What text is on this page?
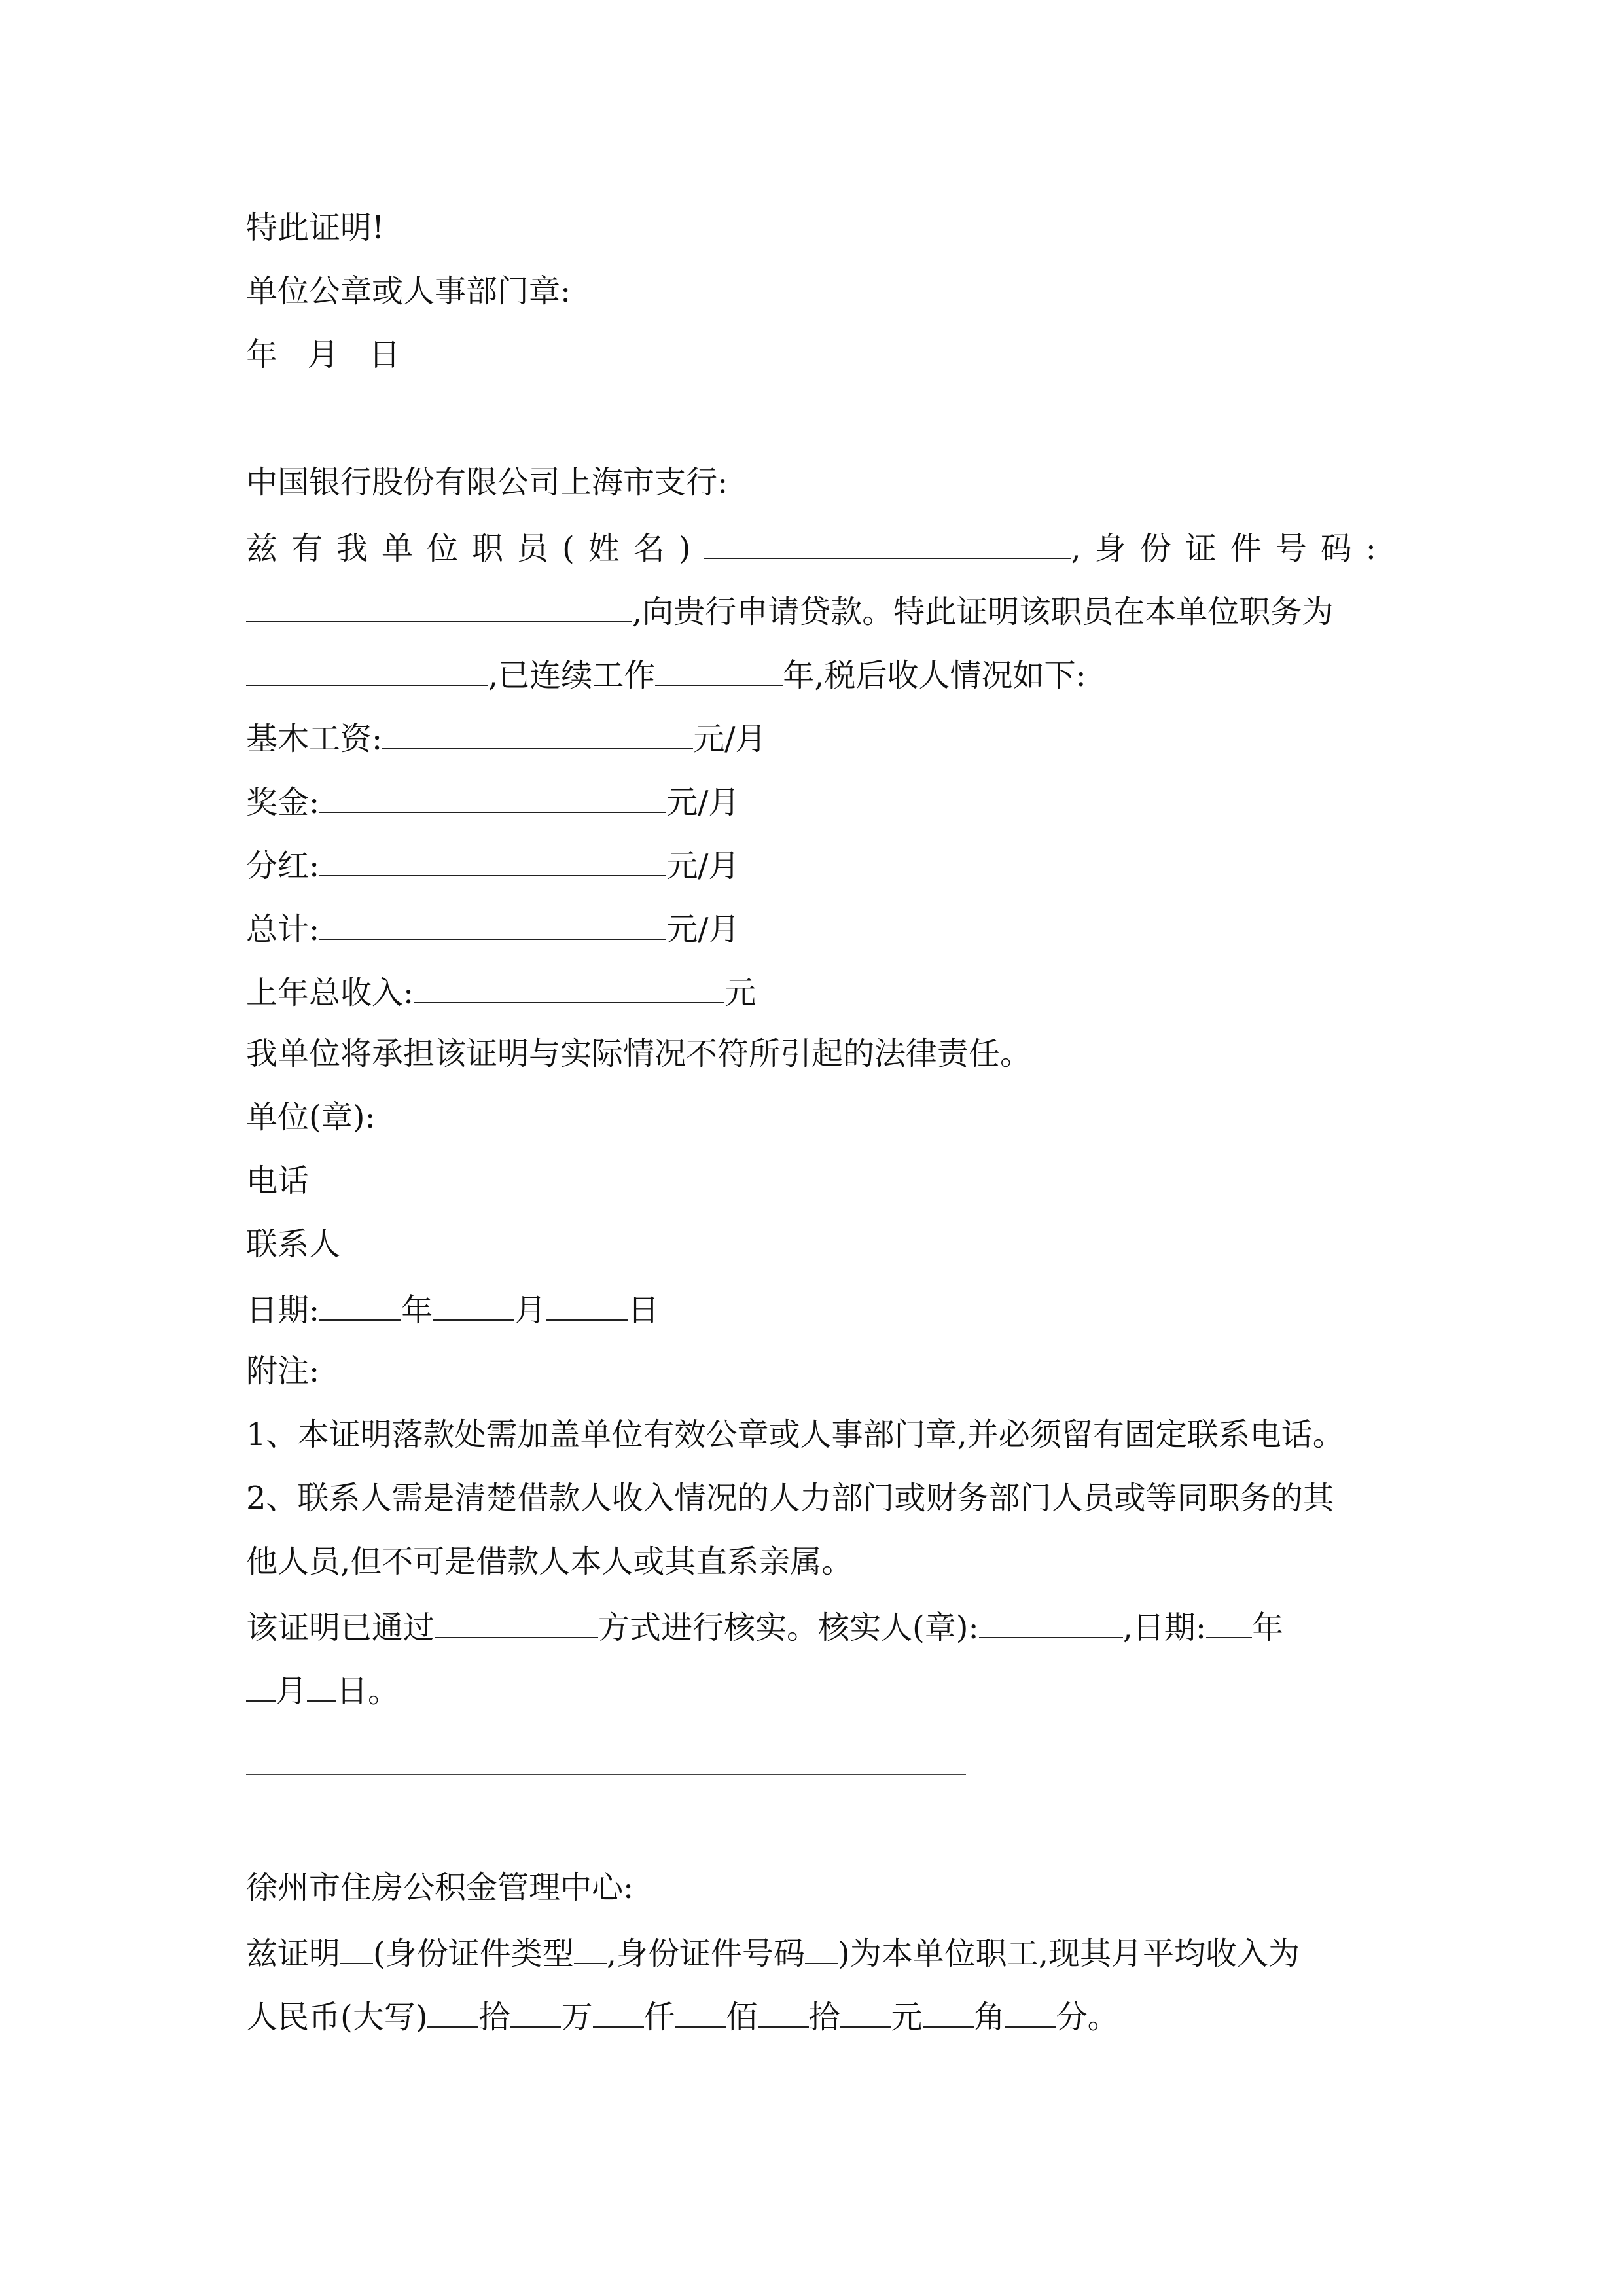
特此证明!
单位公章或人事部门章:
年   月   日
中国银行股份有限公司上海市支行:
兹有我单位职员(姓名)	,身份证件号码:
,向贵行申请贷款。特此证明该职员在本单位职务为
,已连续工作	年,税后收人情况如下:
基木工资:	元/月
奖金:	元/月
分红:	元/月
总计:	元/月
上年总收入:	元
我单位将承担该证明与实际情况不符所引起的法律责任。
单位(章):
电话
联系人
日期:	年	月	日
附注:
1、本证明落款处需加盖单位有效公章或人事部门章,并必须留有固定联系电话。
2、联系人需是清楚借款人收入情况的人力部门或财务部门人员或等同职务的其
他人员,但不可是借款人本人或其直系亲属。
该证明已通过	方式进行核实。核实人(章):	,日期: 年
月 日。
徐州市住房公积金管理中心:
兹证明 (身份证件类型 ,身份证件号码 )为本单位职工,现其月平均收入为
人民币(大写) 拾 万 仟 佰 拾 元 角 分。
